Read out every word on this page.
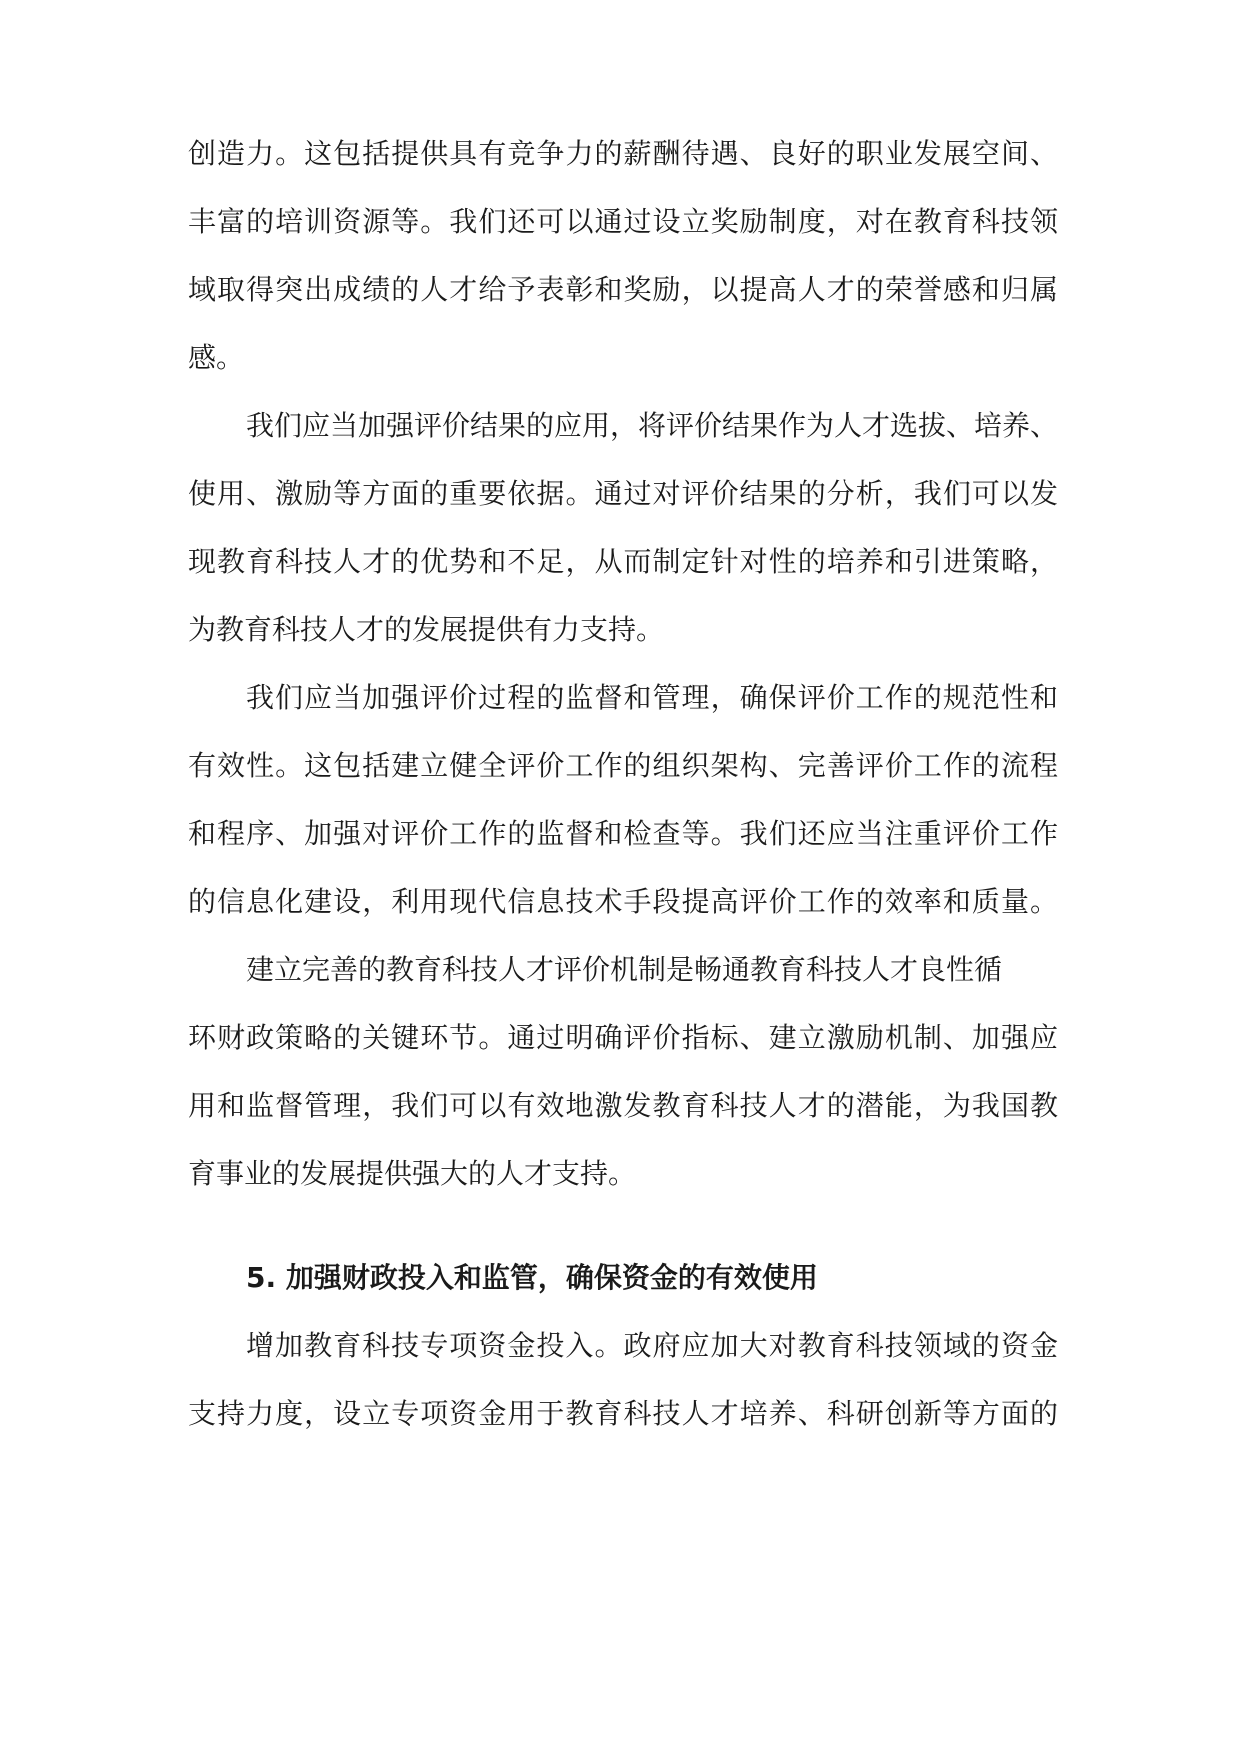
创造力。这包括提供具有竞争力的薪酬待遇、良好的职业发展空间、
丰富的培训资源等。我们还可以通过设立奖励制度，对在教育科技领
域取得突出成绩的人才给予表彰和奖励，以提高人才的荣誉感和归属
感。
我们应当加强评价结果的应用，将评价结果作为人才选拔、培养、
使用、激励等方面的重要依据。通过对评价结果的分析，我们可以发
现教育科技人才的优势和不足，从而制定针对性的培养和引进策略，
为教育科技人才的发展提供有力支持。
我们应当加强评价过程的监督和管理，确保评价工作的规范性和
有效性。这包括建立健全评价工作的组织架构、完善评价工作的流程
和程序、加强对评价工作的监督和检查等。我们还应当注重评价工作
的信息化建设，利用现代信息技术手段提高评价工作的效率和质量。
建立完善的教育科技人才评价机制是畅通教育科技人才良性循
环财政策略的关键环节。通过明确评价指标、建立激励机制、加强应
用和监督管理，我们可以有效地激发教育科技人才的潜能，为我国教
育事业的发展提供强大的人才支持。
5. 加强财政投入和监管，确保资金的有效使用
增加教育科技专项资金投入。政府应加大对教育科技领域的资金
支持力度，设立专项资金用于教育科技人才培养、科研创新等方面的
